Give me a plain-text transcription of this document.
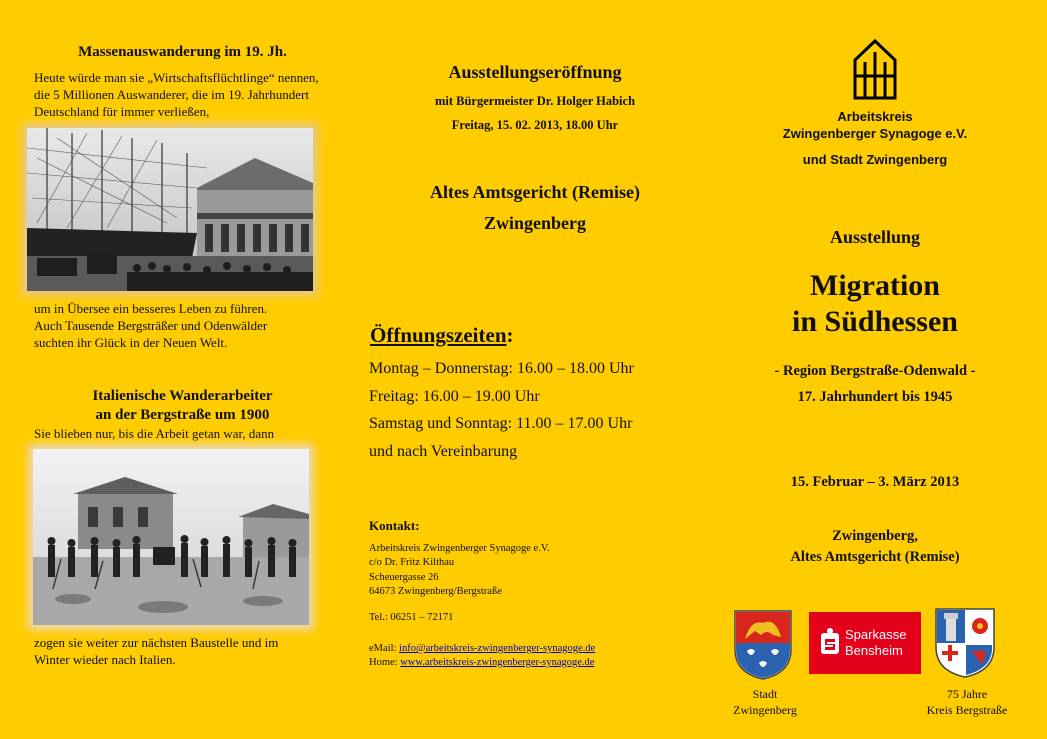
Massenauswanderung im 19. Jh.
Heute würde man sie „Wirtschaftsflüchtlinge“ nennen, die 5 Millionen Auswanderer, die im 19. Jahrhundert Deutschland für immer verließen,
um in Übersee ein besseres Leben zu führen.
Auch Tausende Bergsträßer und Odenwälder
suchten ihr Glück in der Neuen Welt.
Italienische Wanderarbeiter
an der Bergstraße um 1900
Sie blieben nur, bis die Arbeit getan war, dann
zogen sie weiter zur nächsten Baustelle und im
Winter wieder nach Italien.
Ausstellungseröffnung
mit Bürgermeister Dr. Holger Habich
Freitag, 15. 02. 2013, 18.00 Uhr
Altes Amtsgericht (Remise)
Zwingenberg
Öffnungszeiten:
Montag – Donnerstag: 16.00 – 18.00 Uhr
Freitag: 16.00 – 19.00 Uhr
Samstag und Sonntag: 11.00 – 17.00 Uhr
und nach Vereinbarung
Kontakt:
Arbeitskreis Zwingenberger Synagoge e.V.
c/o Dr. Fritz Kilthau
Scheuergasse 26
64673 Zwingenberg/Bergstraße
Tel.: 06251 – 72171
eMail: info@arbeitskreis-zwingenberger-synagoge.de
Home: www.arbeitskreis-zwingenberger-synagoge.de
Arbeitskreis
Zwingenberger Synagoge e.V.
und Stadt Zwingenberg
Ausstellung
Migration
in Südhessen
- Region Bergstraße-Odenwald -
17. Jahrhundert bis 1945
15. Februar – 3. März 2013
Zwingenberg,
Altes Amtsgericht (Remise)
Sparkasse
Bensheim
Stadt
Zwingenberg
75 Jahre
Kreis Bergstraße
